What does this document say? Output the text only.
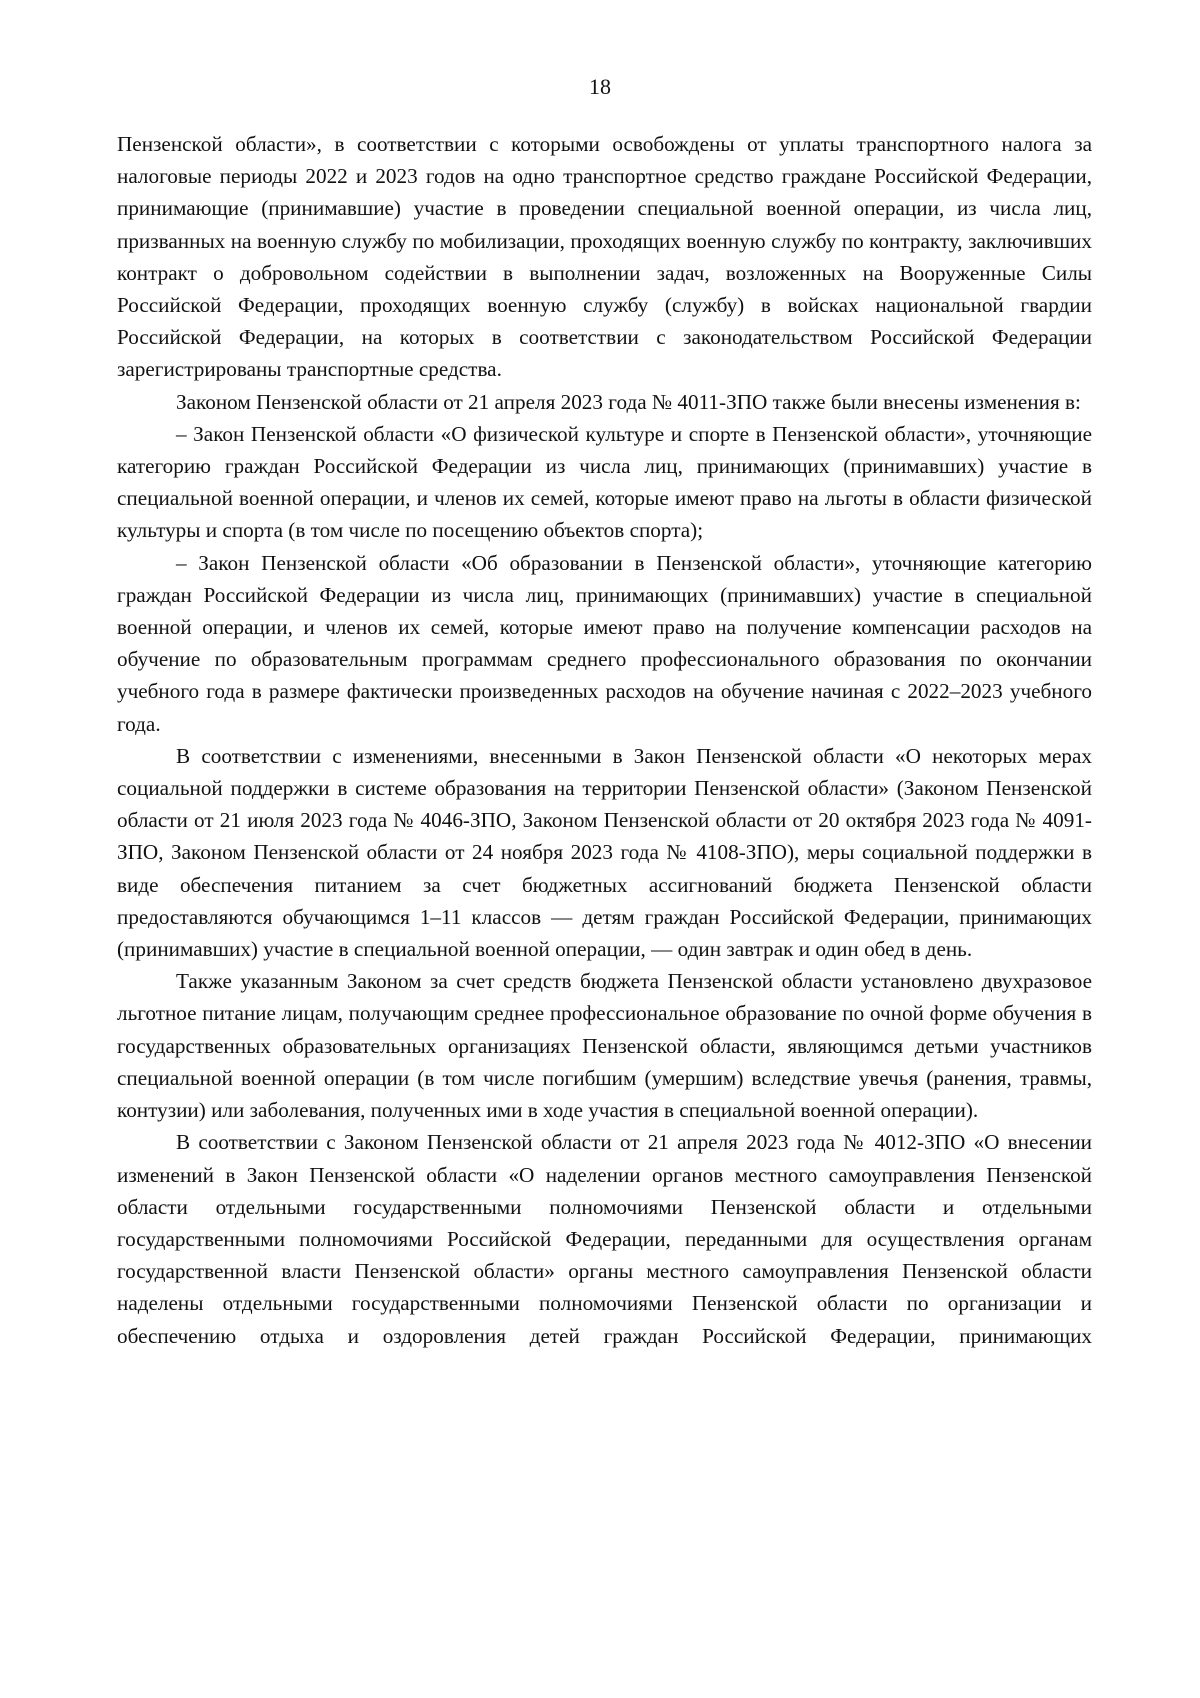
18

Пензенской области», в соответствии с которыми освобождены от уплаты транспортного налога за налоговые периоды 2022 и 2023 годов на одно транспортное средство граждане Российской Федерации, принимающие (принимавшие) участие в проведении специальной военной операции, из числа лиц, призванных на военную службу по мобилизации, проходящих военную службу по контракту, заключивших контракт о добровольном содействии в выполнении задач, возложенных на Вооруженные Силы Российской Федерации, проходящих военную службу (службу) в войсках национальной гвардии Российской Федерации, на которых в соответствии с законодательством Российской Федерации зарегистрированы транспортные средства.

Законом Пензенской области от 21 апреля 2023 года № 4011-ЗПО также были внесены изменения в:

– Закон Пензенской области «О физической культуре и спорте в Пензенской области», уточняющие категорию граждан Российской Федерации из числа лиц, принимающих (принимавших) участие в специальной военной операции, и членов их семей, которые имеют право на льготы в области физической культуры и спорта (в том числе по посещению объектов спорта);

– Закон Пензенской области «Об образовании в Пензенской области», уточняющие категорию граждан Российской Федерации из числа лиц, принимающих (принимавших) участие в специальной военной операции, и членов их семей, которые имеют право на получение компенсации расходов на обучение по образовательным программам среднего профессионального образования по окончании учебного года в размере фактически произведенных расходов на обучение начиная с 2022–2023 учебного года.

В соответствии с изменениями, внесенными в Закон Пензенской области «О некоторых мерах социальной поддержки в системе образования на территории Пензенской области» (Законом Пензенской области от 21 июля 2023 года № 4046-ЗПО, Законом Пензенской области от 20 октября 2023 года № 4091-ЗПО, Законом Пензенской области от 24 ноября 2023 года № 4108-ЗПО), меры социальной поддержки в виде обеспечения питанием за счет бюджетных ассигнований бюджета Пензенской области предоставляются обучающимся 1–11 классов — детям граждан Российской Федерации, принимающих (принимавших) участие в специальной военной операции, — один завтрак и один обед в день.

Также указанным Законом за счет средств бюджета Пензенской области установлено двухразовое льготное питание лицам, получающим среднее профессиональное образование по очной форме обучения в государственных образовательных организациях Пензенской области, являющимся детьми участников специальной военной операции (в том числе погибшим (умершим) вследствие увечья (ранения, травмы, контузии) или заболевания, полученных ими в ходе участия в специальной военной операции).

В соответствии с Законом Пензенской области от 21 апреля 2023 года № 4012-ЗПО «О внесении изменений в Закон Пензенской области «О наделении органов местного самоуправления Пензенской области отдельными государственными полномочиями Пензенской области и отдельными государственными полномочиями Российской Федерации, переданными для осуществления органам государственной власти Пензенской области» органы местного самоуправления Пензенской области наделены отдельными государственными полномочиями Пензенской области по организации и обеспечению отдыха и оздоровления детей граждан Российской Федерации, принимающих
